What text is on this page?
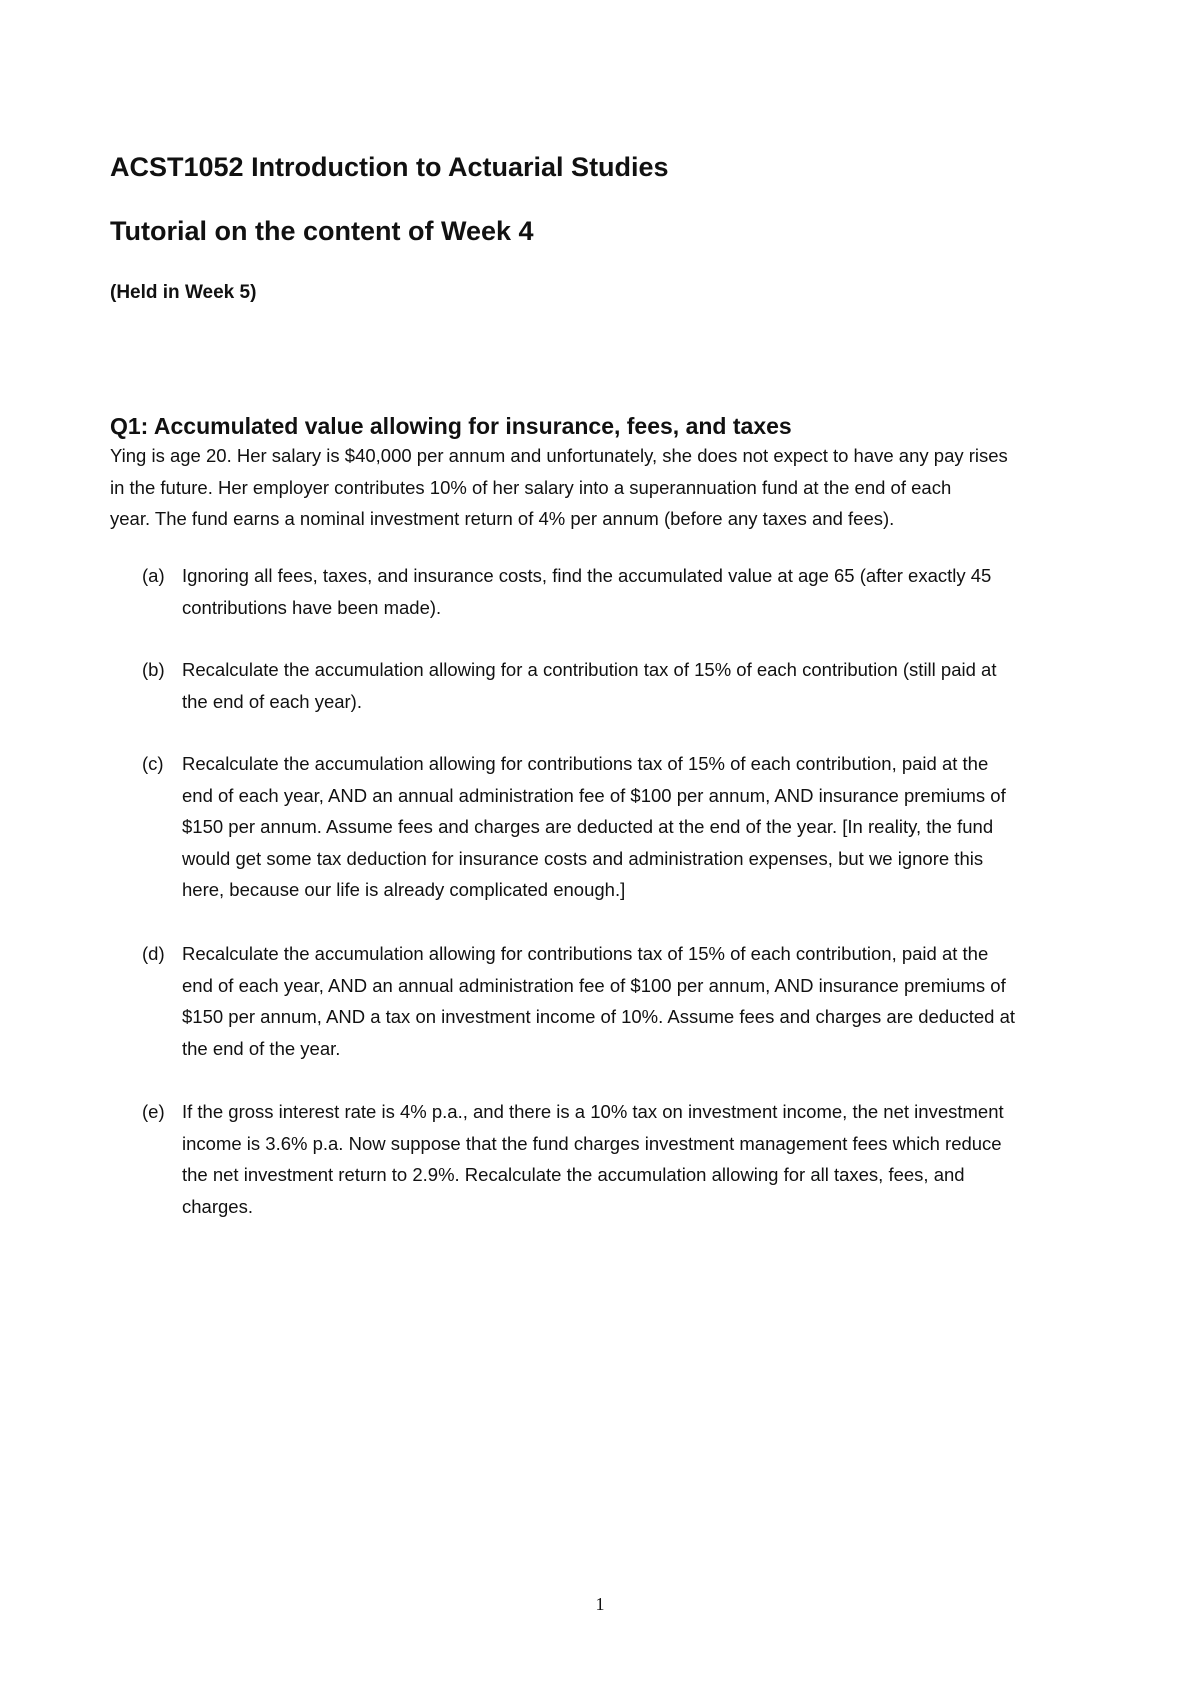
ACST1052 Introduction to Actuarial Studies
Tutorial on the content of Week 4
(Held in Week 5)
Q1: Accumulated value allowing for insurance, fees, and taxes

Ying is age 20. Her salary is $40,000 per annum and unfortunately, she does not expect to have any pay rises

in the future. Her employer contributes 10% of her salary into a superannuation fund at the end of each

year. The fund earns a nominal investment return of 4% per annum (before any taxes and fees).

(a) Ignoring all fees, taxes, and insurance costs, find the accumulated value at age 65 (after exactly 45

contributions have been made).

(b) Recalculate the accumulation allowing for a contribution tax of 15% of each contribution (still paid at

the end of each year).

(c) Recalculate the accumulation allowing for contributions tax of 15% of each contribution, paid at the

end of each year, AND an annual administration fee of $100 per annum, AND insurance premiums of

$150 per annum. Assume fees and charges are deducted at the end of the year. [In reality, the fund

would get some tax deduction for insurance costs and administration expenses, but we ignore this

here, because our life is already complicated enough.]

(d) Recalculate the accumulation allowing for contributions tax of 15% of each contribution, paid at the

end of each year, AND an annual administration fee of $100 per annum, AND insurance premiums of

$150 per annum, AND a tax on investment income of 10%. Assume fees and charges are deducted at

the end of the year.

(e) If the gross interest rate is 4% p.a., and there is a 10% tax on investment income, the net investment

income is 3.6% p.a. Now suppose that the fund charges investment management fees which reduce

the net investment return to 2.9%. Recalculate the accumulation allowing for all taxes, fees, and

charges.

1
